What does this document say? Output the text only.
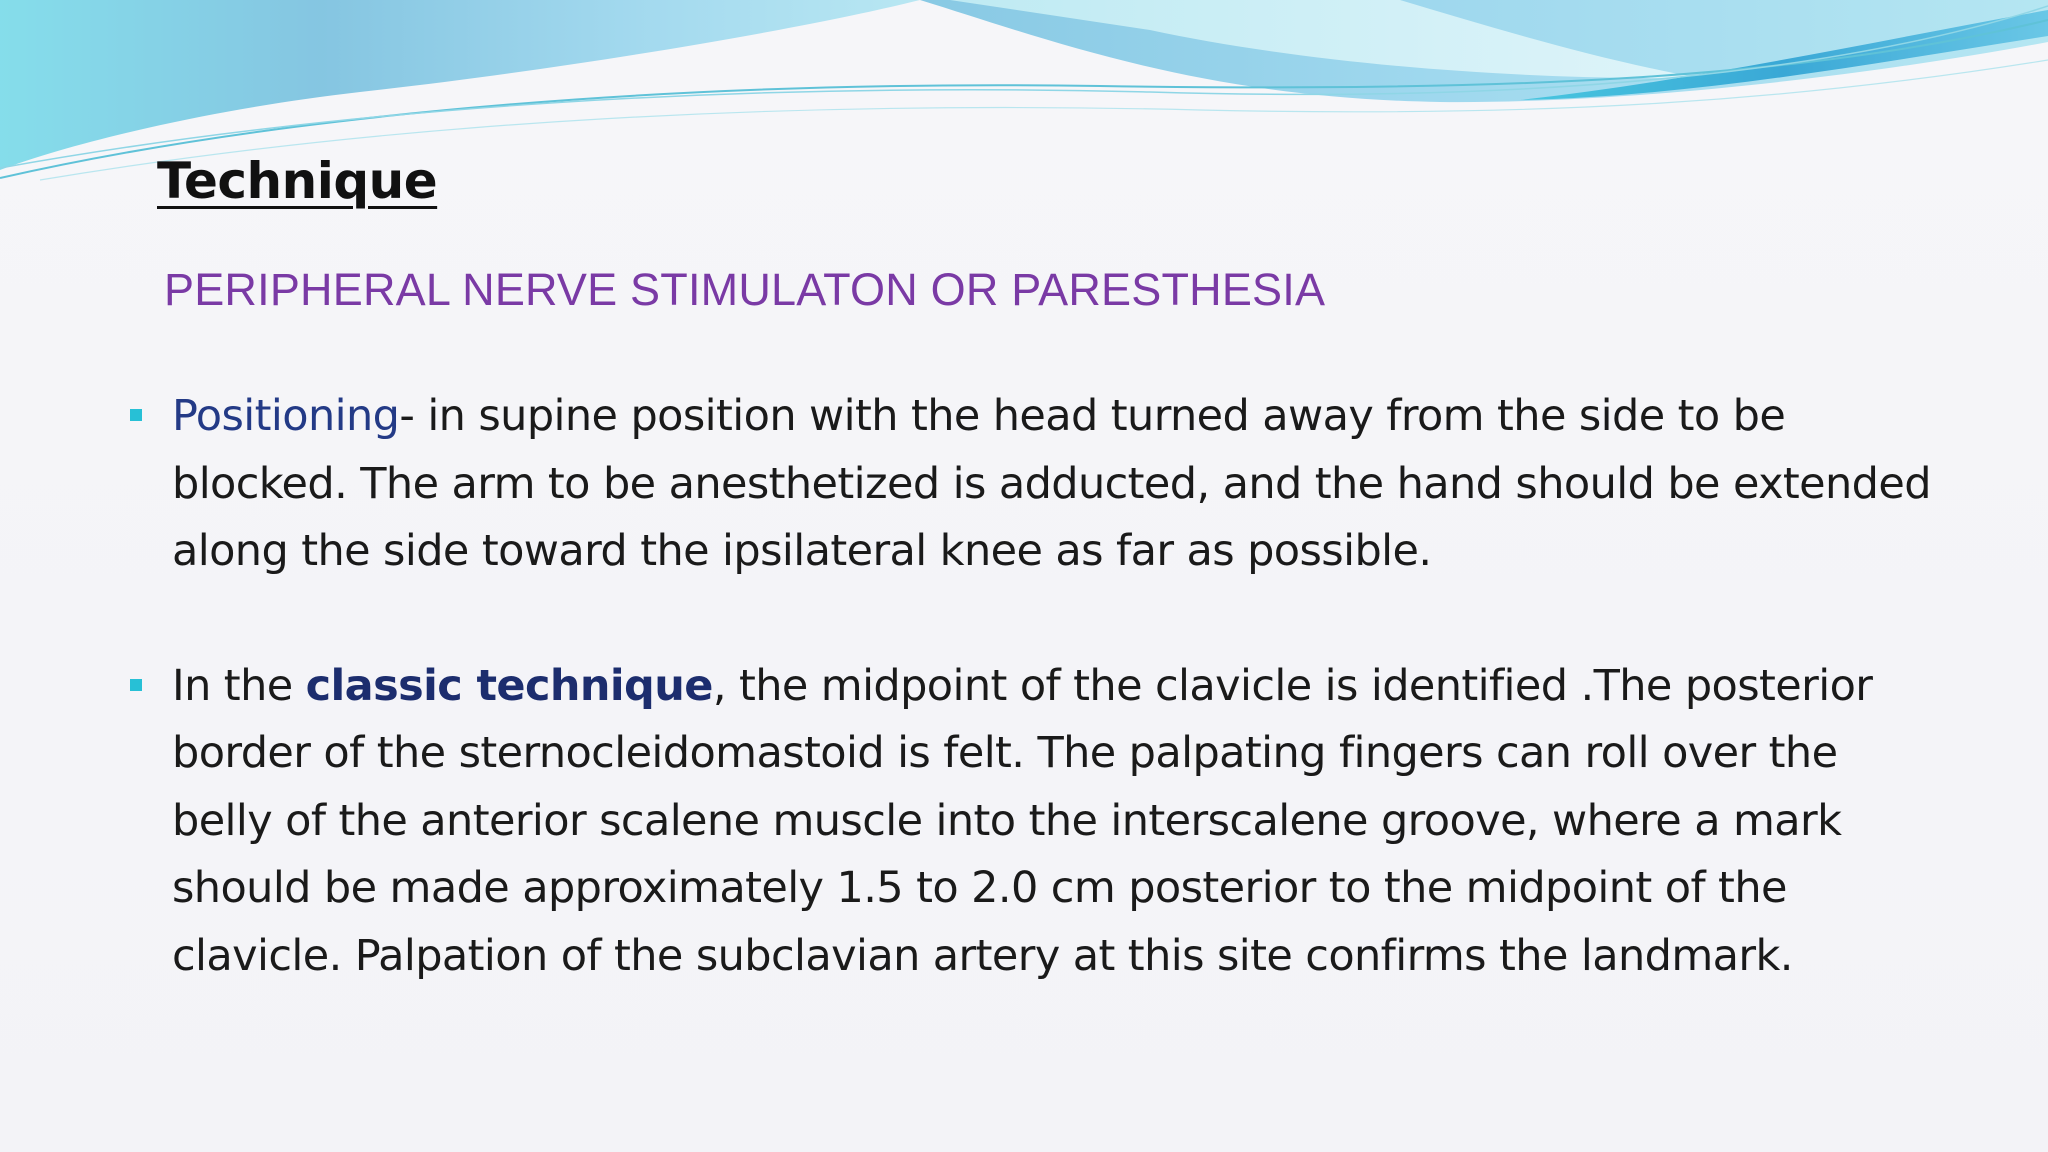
Technique

PERIPHERAL NERVE STIMULATON OR PARESTHESIA

Positioning- in supine position with the head turned away from the side to be
blocked. The arm to be anesthetized is adducted, and the hand should be extended
along the side toward the ipsilateral knee as far as possible.
In the classic technique, the midpoint of the clavicle is identified .The posterior
border of the sternocleidomastoid is felt. The palpating fingers can roll over the
belly of the anterior scalene muscle into the interscalene groove, where a mark
should be made approximately 1.5 to 2.0 cm posterior to the midpoint of the
clavicle. Palpation of the subclavian artery at this site confirms the landmark.
